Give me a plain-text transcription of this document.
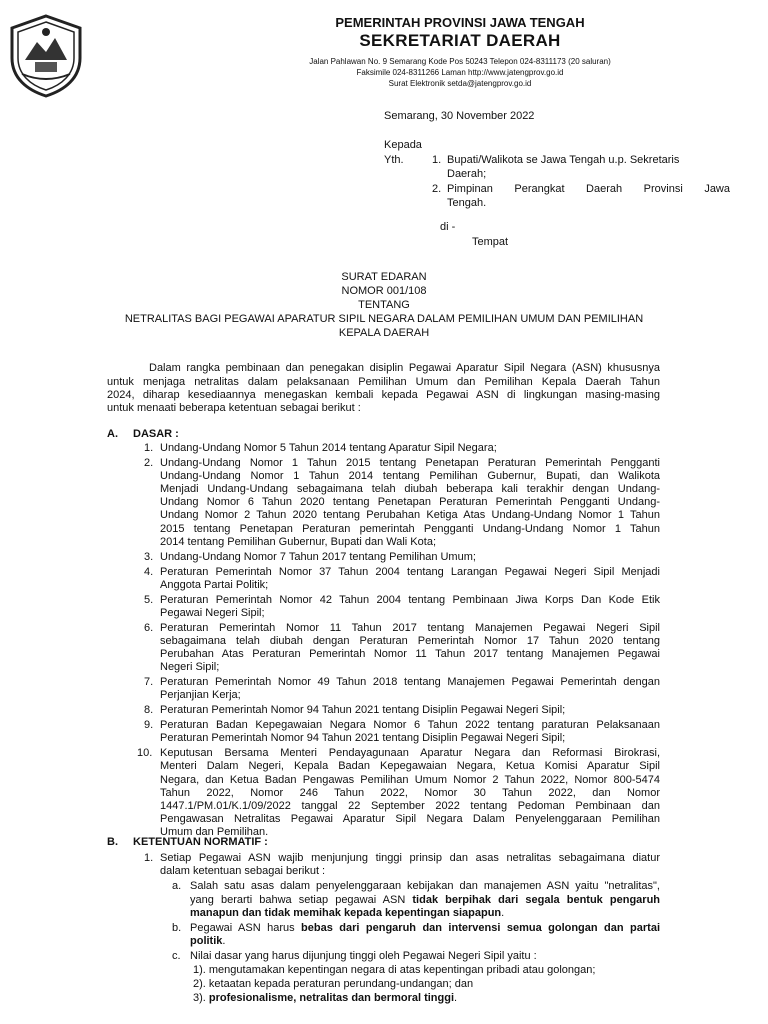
PEMERINTAH PROVINSI JAWA TENGAH
SEKRETARIAT DAERAH
Jalan Pahlawan No. 9 Semarang Kode Pos 50243 Telepon 024-8311173 (20 saluran)
Faksimile 024-8311266 Laman http://www.jatengprov.go.id
Surat Elektronik setda@jatengprov.go.id
Semarang, 30 November 2022
Kepada
Yth.	1. Bupati/Walikota se Jawa Tengah u.p. Sekretaris
Daerah;
2. Pimpinan Perangkat Daerah Provinsi Jawa
Tengah.
di -
Tempat
SURAT EDARAN
NOMOR 001/108
TENTANG
NETRALITAS BAGI PEGAWAI APARATUR SIPIL NEGARA DALAM PEMILIHAN UMUM DAN PEMILIHAN
KEPALA DAERAH
Dalam rangka pembinaan dan penegakan disiplin Pegawai Aparatur Sipil Negara (ASN) khususnya
untuk menjaga netralitas dalam pelaksanaan Pemilihan Umum dan Pemilihan Kepala Daerah Tahun
2024, diharap kesediaannya menegaskan kembali kepada Pegawai ASN di lingkungan masing-masing
untuk menaati beberapa ketentuan sebagai berikut :
A. DASAR :
1. Undang-Undang Nomor 5 Tahun 2014 tentang Aparatur Sipil Negara;
2. Undang-Undang Nomor 1 Tahun 2015 tentang Penetapan Peraturan Pemerintah Pengganti
Undang-Undang Nomor 1 Tahun 2014 tentang Pemilihan Gubernur, Bupati, dan Walikota
Menjadi Undang-Undang sebagaimana telah diubah beberapa kali terakhir dengan Undang-
Undang Nomor 6 Tahun 2020 tentang Penetapan Peraturan Pemerintah Pengganti Undang-
Undang Nomor 2 Tahun 2020 tentang Perubahan Ketiga Atas Undang-Undang Nomor 1 Tahun
2015 tentang Penetapan Peraturan pemerintah Pengganti Undang-Undang Nomor 1 Tahun
2014 tentang Pemilihan Gubernur, Bupati dan Wali Kota;
3. Undang-Undang Nomor 7 Tahun 2017 tentang Pemilihan Umum;
4. Peraturan Pemerintah Nomor 37 Tahun 2004 tentang Larangan Pegawai Negeri Sipil Menjadi
Anggota Partai Politik;
5. Peraturan Pemerintah Nomor 42 Tahun 2004 tentang Pembinaan Jiwa Korps Dan Kode Etik
Pegawai Negeri Sipil;
6. Peraturan Pemerintah Nomor 11 Tahun 2017 tentang Manajemen Pegawai Negeri Sipil
sebagaimana telah diubah dengan Peraturan Pemerintah Nomor 17 Tahun 2020 tentang
Perubahan Atas Peraturan Pemerintah Nomor 11 Tahun 2017 tentang Manajemen Pegawai
Negeri Sipil;
7. Peraturan Pemerintah Nomor 49 Tahun 2018 tentang Manajemen Pegawai Pemerintah dengan
Perjanjian Kerja;
8. Peraturan Pemerintah Nomor 94 Tahun 2021 tentang Disiplin Pegawai Negeri Sipil;
9. Peraturan Badan Kepegawaian Negara Nomor 6 Tahun 2022 tentang paraturan Pelaksanaan
Peraturan Pemerintah Nomor 94 Tahun 2021 tentang Disiplin Pegawai Negeri Sipil;
10. Keputusan Bersama Menteri Pendayagunaan Aparatur Negara dan Reformasi Birokrasi,
Menteri Dalam Negeri, Kepala Badan Kepegawaian Negara, Ketua Komisi Aparatur Sipil
Negara, dan Ketua Badan Pengawas Pemilihan Umum Nomor 2 Tahun 2022, Nomor 800-5474
Tahun 2022, Nomor 246 Tahun 2022, Nomor 30 Tahun 2022, dan Nomor
1447.1/PM.01/K.1/09/2022 tanggal 22 September 2022 tentang Pedoman Pembinaan dan
Pengawasan Netralitas Pegawai Aparatur Sipil Negara Dalam Penyelenggaraan Pemilihan
Umum dan Pemilihan.
B. KETENTUAN NORMATIF :
1. Setiap Pegawai ASN wajib menjunjung tinggi prinsip dan asas netralitas sebagaimana diatur
dalam ketentuan sebagai berikut :
a. Salah satu asas dalam penyelenggaraan kebijakan dan manajemen ASN yaitu "netralitas",
yang berarti bahwa setiap pegawai ASN tidak berpihak dari segala bentuk pengaruh
manapun dan tidak memihak kepada kepentingan siapapun.
b. Pegawai ASN harus bebas dari pengaruh dan intervensi semua golongan dan partai
politik.
c. Nilai dasar yang harus dijunjung tinggi oleh Pegawai Negeri Sipil yaitu :
1). mengutamakan kepentingan negara di atas kepentingan pribadi atau golongan;
2). ketaatan kepada peraturan perundang-undangan; dan
3). profesionalisme, netralitas dan bermoral tinggi.
